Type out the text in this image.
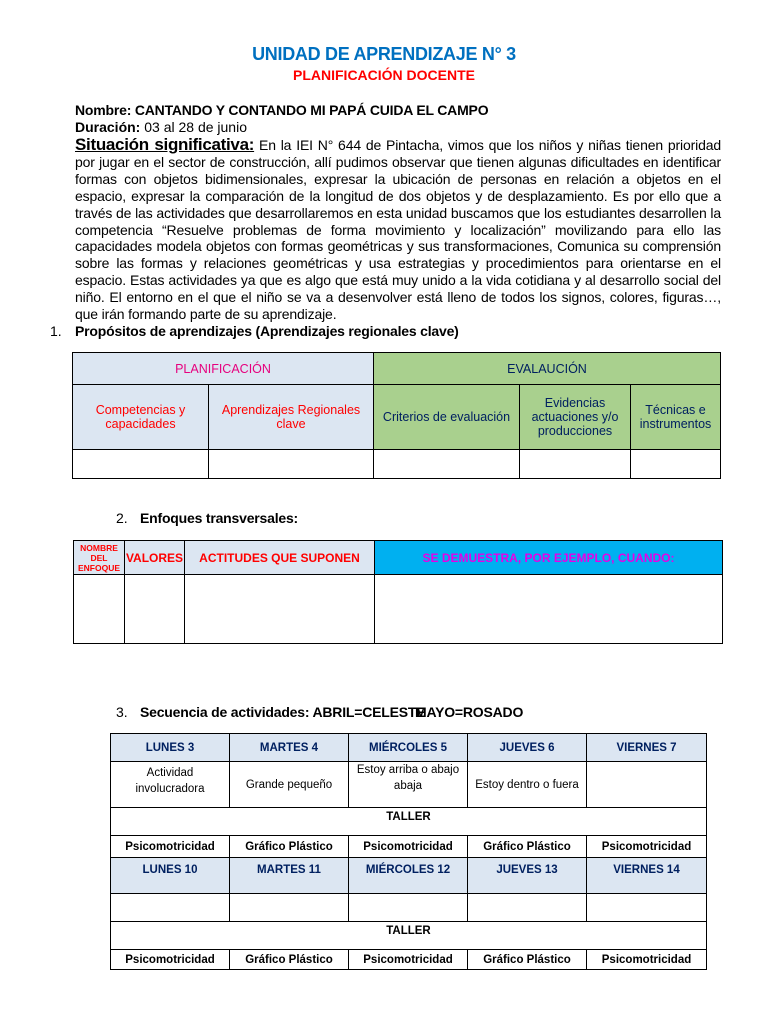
UNIDAD DE APRENDIZAJE N° 3
PLANIFICACIÓN DOCENTE
Nombre: CANTANDO Y CONTANDO MI PAPÁ CUIDA EL CAMPO
Duración: 03 al 28 de junio
Situación significativa: En la IEI N° 644 de Pintacha, vimos que los niños y niñas tienen prioridad por jugar en el sector de construcción, allí pudimos observar que tienen algunas dificultades en identificar formas con objetos bidimensionales, expresar la ubicación de personas en relación a objetos en el espacio, expresar la comparación de la longitud de dos objetos y de desplazamiento. Es por ello que a través de las actividades que desarrollaremos en esta unidad buscamos que los estudiantes desarrollen la competencia “Resuelve problemas de forma movimiento y localización” movilizando para ello las capacidades modela objetos con formas geométricas y sus transformaciones, Comunica su comprensión sobre las formas y relaciones geométricas y usa estrategias y procedimientos para orientarse en el espacio. Estas actividades ya que es algo que está muy unido a la vida cotidiana y al desarrollo social del niño. El entorno en el que el niño se va a desenvolver está lleno de todos los signos, colores, figuras…, que irán formando parte de su aprendizaje.
1. Propósitos de aprendizajes (Aprendizajes regionales clave)
PLANIFICACIÓN		EVALAUCIÓN		
Competencias y capacidades	Aprendizajes Regionales clave	Criterios de evaluación	Evidencias actuaciones y/o producciones	Técnicas e instrumentos

2. Enfoques transversales:
NOMBRE DEL ENFOQUE	VALORES	ACTITUDES QUE SUPONEN	SE DEMUESTRA, POR EJEMPLO, CUANDO:

3. Secuencia de actividades: ABRIL=CELESTE
MAYO=ROSADO
LUNES 3	MARTES 4	MIÉRCOLES 5	JUEVES 6	VIERNES 7
Actividad involucradora	Grande pequeño	Estoy arriba o abajo abaja	Estoy dentro o fuera	
TALLER				
Psicomotricidad	Gráfico Plástico	Psicomotricidad	Gráfico Plástico	Psicomotricidad
LUNES 10	MARTES 11	MIÉRCOLES 12	JUEVES 13	VIERNES 14

TALLER				
Psicomotricidad	Gráfico Plástico	Psicomotricidad	Gráfico Plástico	Psicomotricidad
